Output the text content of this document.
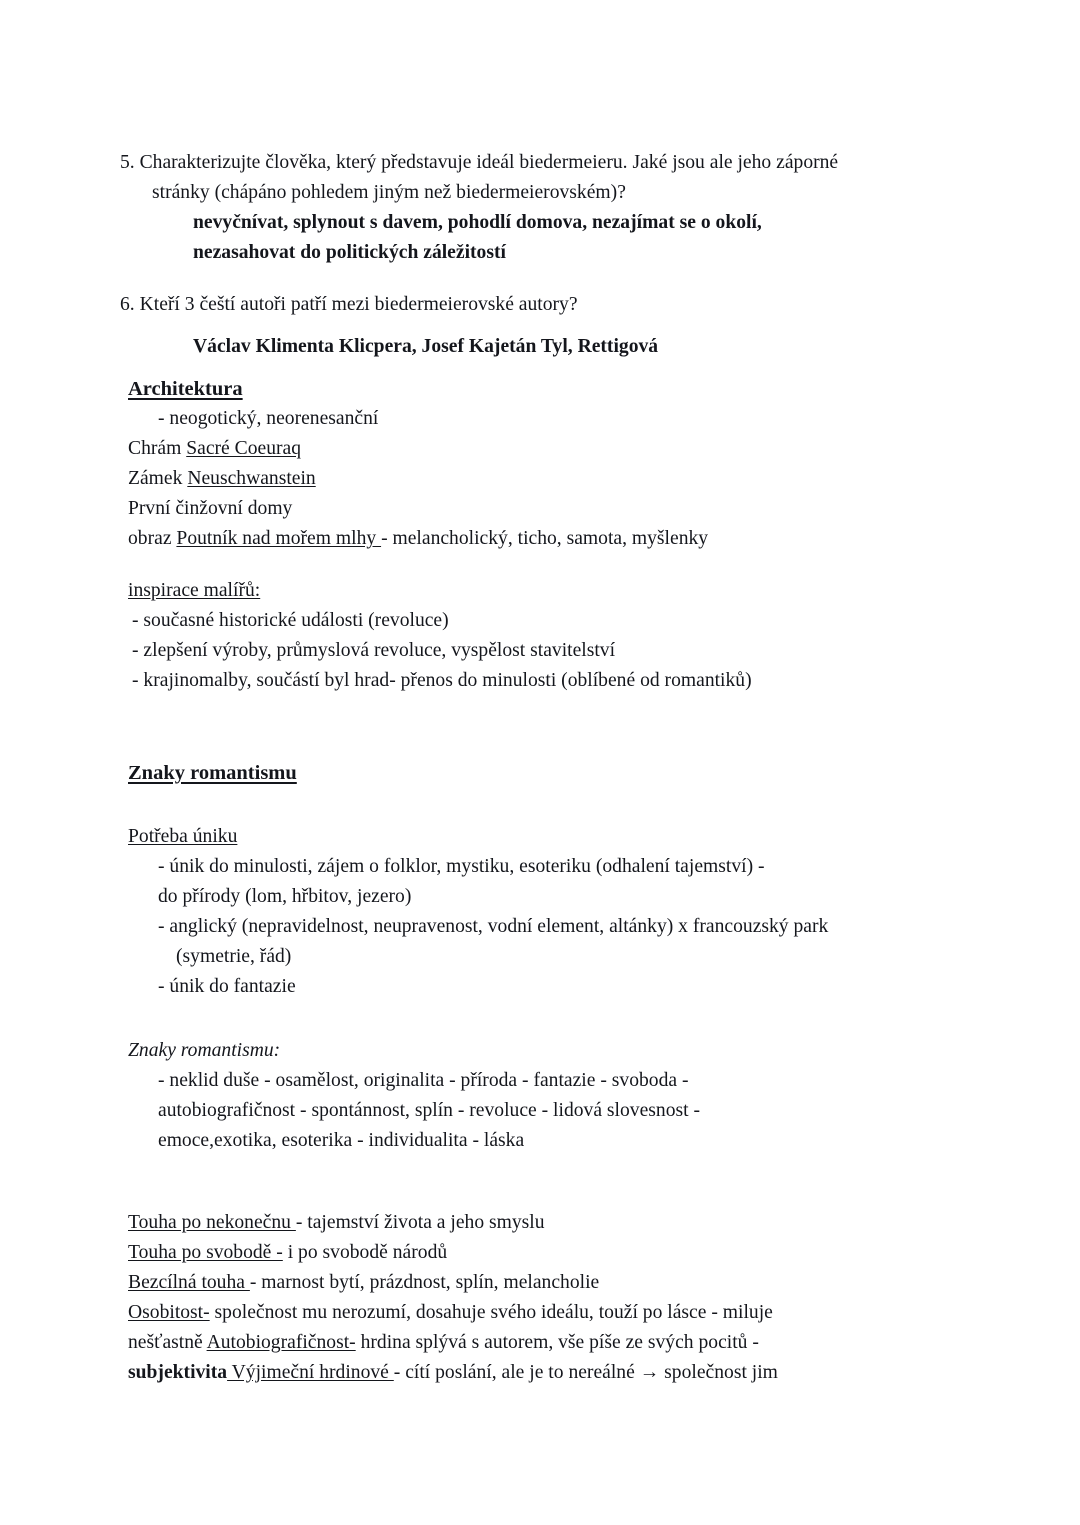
5. Charakterizujte člověka, který představuje ideál biedermeieru. Jaké jsou ale jeho záporné
stránky (chápáno pohledem jiným než biedermeierovském)?
nevyčnívat, splynout s davem, pohodlí domova, nezajímat se o okolí,
nezasahovat do politických záležitostí
6. Kteří 3 čeští autoři patří mezi biedermeierovské autory?
Václav Klimenta Klicpera, Josef Kajetán Tyl, Rettigová
Architektura
- neogotický, neorenesanční
Chrám Sacré Coeuraq
Zámek Neuschwanstein
První činžovní domy
obraz Poutník nad mořem mlhy - melancholický, ticho, samota, myšlenky
inspirace malířů:
- současné historické události (revoluce)
- zlepšení výroby, průmyslová revoluce, vyspělost stavitelství
- krajinomalby, součástí byl hrad- přenos do minulosti (oblíbené od romantiků)
Znaky romantismu
Potřeba úniku
- únik do minulosti, zájem o folklor, mystiku, esoteriku (odhalení tajemství) -
do přírody (lom, hřbitov, jezero)
- anglický (nepravidelnost, neupravenost, vodní element, altánky) x francouzský park
(symetrie, řád)
- únik do fantazie
Znaky romantismu:
- neklid duše - osamělost, originalita - příroda - fantazie - svoboda -
autobiografičnost - spontánnost, splín - revoluce - lidová slovesnost -
emoce,exotika, esoterika - individualita - láska
Touha po nekonečnu - tajemství života a jeho smyslu
Touha po svobodě - i po svobodě národů
Bezcílná touha - marnost bytí, prázdnost, splín, melancholie
Osobitost- společnost mu nerozumí, dosahuje svého ideálu, touží po lásce - miluje
nešťastně Autobiografičnost- hrdina splývá s autorem, vše píše ze svých pocitů -
subjektivita Výjimeční hrdinové - cítí poslání, ale je to nereálné → společnost jim
